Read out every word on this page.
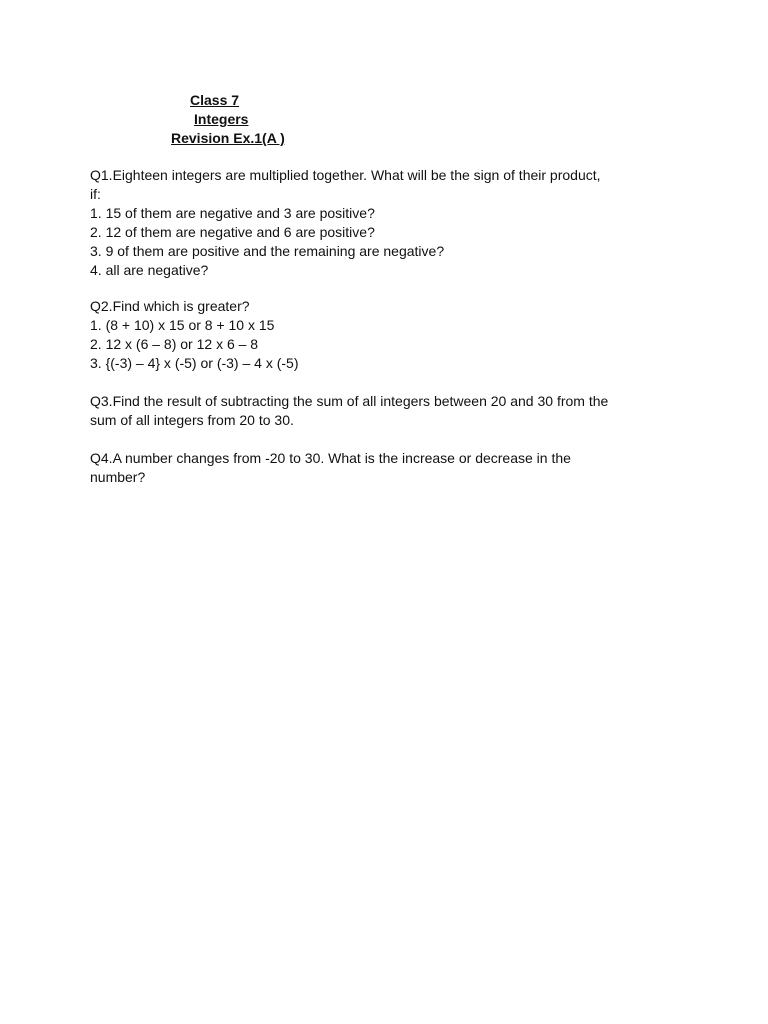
Class 7
Integers
Revision Ex.1(A )
Q1.Eighteen integers are multiplied together. What will be the sign of their product, if:
1. 15 of them are negative and 3 are positive?
2. 12 of them are negative and 6 are positive?
3. 9 of them are positive and the remaining are negative?
4. all are negative?
Q2.Find which is greater?
1. (8 + 10) x 15 or 8 + 10 x 15
2. 12 x (6 – 8) or 12 x 6 – 8
3. {(-3) – 4} x (-5) or (-3) – 4 x (-5)
Q3.Find the result of subtracting the sum of all integers between 20 and 30 from the sum of all integers from 20 to 30.
Q4.A number changes from -20 to 30. What is the increase or decrease in the number?
